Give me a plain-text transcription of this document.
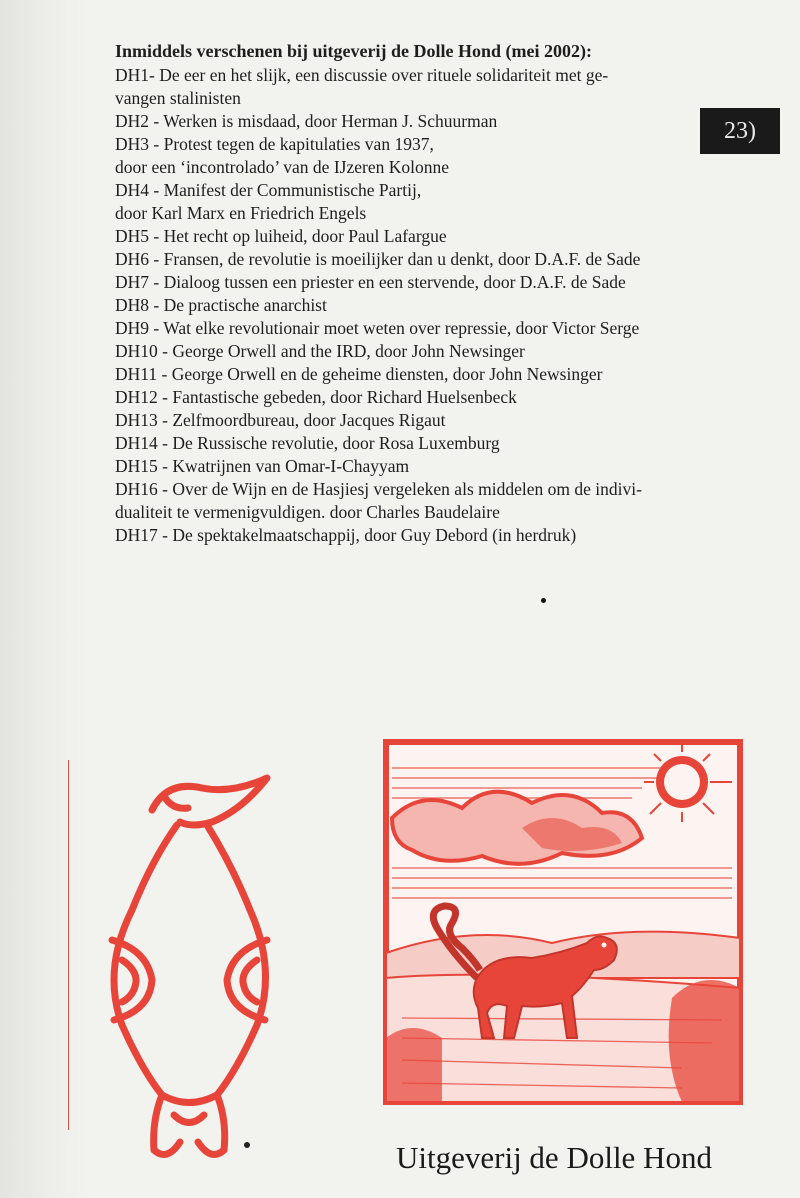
Inmiddels verschenen bij uitgeverij de Dolle Hond (mei 2002):
DH1- De eer en het slijk, een discussie over rituele solidariteit met ge-
vangen stalinisten
DH2 - Werken is misdaad, door Herman J. Schuurman
DH3 - Protest tegen de kapitulaties van 1937,
door een ‘incontrolado’ van de IJzeren Kolonne
DH4 - Manifest der Communistische Partij,
door Karl Marx en Friedrich Engels
DH5 - Het recht op luiheid, door Paul Lafargue
DH6 - Fransen, de revolutie is moeilijker dan u denkt, door D.A.F. de Sade
DH7 - Dialoog tussen een priester en een stervende, door D.A.F. de Sade
DH8 - De practische anarchist
DH9 - Wat elke revolutionair moet weten over repressie, door Victor Serge
DH10 - George Orwell and the IRD, door John Newsinger
DH11 - George Orwell en de geheime diensten, door John Newsinger
DH12 - Fantastische gebeden, door Richard Huelsenbeck
DH13 - Zelfmoordbureau, door Jacques Rigaut
DH14 - De Russische revolutie, door Rosa Luxemburg
DH15 - Kwatrijnen van Omar-I-Chayyam
DH16 - Over de Wijn en de Hasjiesj vergeleken als middelen om de indivi-
dualiteit te vermenigvuldigen. door Charles Baudelaire
DH17 - De spektakelmaatschappij, door Guy Debord (in herdruk)
23)
Uitgeverij de Dolle Hond
